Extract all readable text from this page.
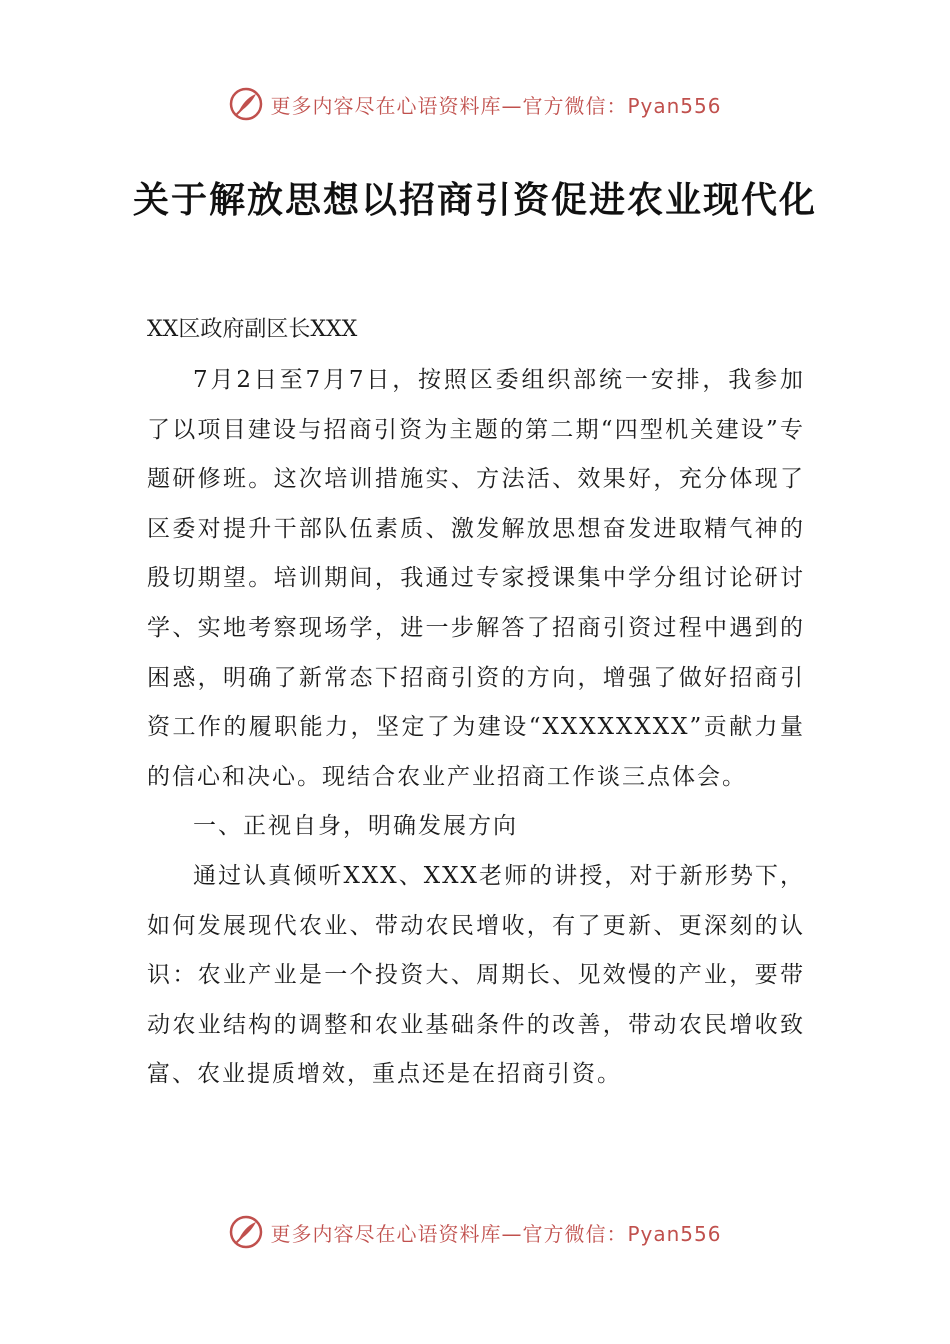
更多内容尽在心语资料库—官方微信：Pyan556
关于解放思想以招商引资促进农业现代化

XX区政府副区长XXX

7月2日至7月7日，按照区委组织部统一安排，我参加了以项目建设与招商引资为主题的第二期“四型机关建设”专题研修班。这次培训措施实、方法活、效果好，充分体现了区委对提升干部队伍素质、激发解放思想奋发进取精气神的殷切期望。培训期间，我通过专家授课集中学分组讨论研讨学、实地考察现场学，进一步解答了招商引资过程中遇到的困惑，明确了新常态下招商引资的方向，增强了做好招商引资工作的履职能力，坚定了为建设“XXXXXXXX”贡献力量的信心和决心。现结合农业产业招商工作谈三点体会。

一、正视自身，明确发展方向

通过认真倾听XXX、XXX老师的讲授，对于新形势下，如何发展现代农业、带动农民增收，有了更新、更深刻的认识：农业产业是一个投资大、周期长、见效慢的产业，要带动农业结构的调整和农业基础条件的改善，带动农民增收致富、农业提质增效，重点还是在招商引资。

更多内容尽在心语资料库—官方微信：Pyan556
